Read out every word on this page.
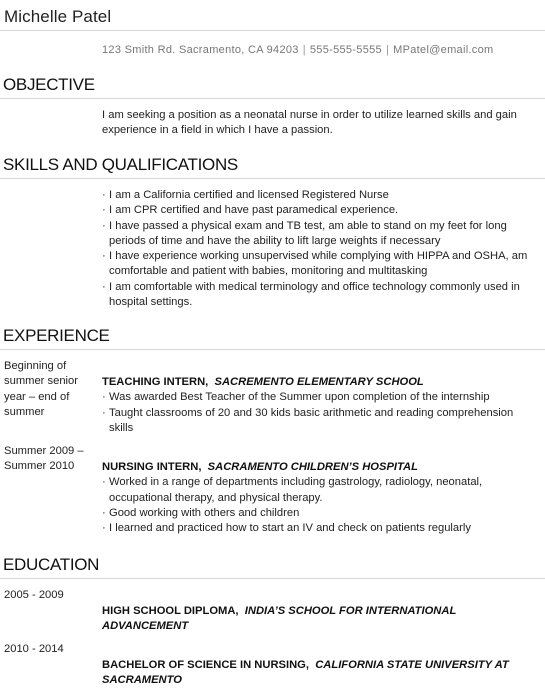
Michelle Patel
123 Smith Rd. Sacramento, CA 94203 | 555-555-5555 | MPatel@email.com
OBJECTIVE
I am seeking a position as a neonatal nurse in order to utilize learned skills and gain experience in a field in which I have a passion.
SKILLS AND QUALIFICATIONS
· I am a California certified and licensed Registered Nurse
· I am CPR certified and have past paramedical experience.
· I have passed a physical exam and TB test, am able to stand on my feet for long periods of time and have the ability to lift large weights if necessary
· I have experience working unsupervised while complying with HIPPA and OSHA, am comfortable and patient with babies, monitoring and multitasking
· I am comfortable with medical terminology and office technology commonly used in hospital settings.
EXPERIENCE
Beginning of summer senior year – end of summer
TEACHING INTERN, SACREMENTO ELEMENTARY SCHOOL
· Was awarded Best Teacher of the Summer upon completion of the internship
· Taught classrooms of 20 and 30 kids basic arithmetic and reading comprehension skills
Summer 2009 – Summer 2010	NURSING INTERN, SACRAMENTO CHILDREN’S HOSPITAL
· Worked in a range of departments including gastrology, radiology, neonatal, occupational therapy, and physical therapy.
· Good working with others and children
· I learned and practiced how to start an IV and check on patients regularly
EDUCATION
2005 - 2009
HIGH SCHOOL DIPLOMA, INDIA’S SCHOOL FOR INTERNATIONAL ADVANCEMENT
2010 - 2014
BACHELOR OF SCIENCE IN NURSING, CALIFORNIA STATE UNIVERSITY AT SACRAMENTO
